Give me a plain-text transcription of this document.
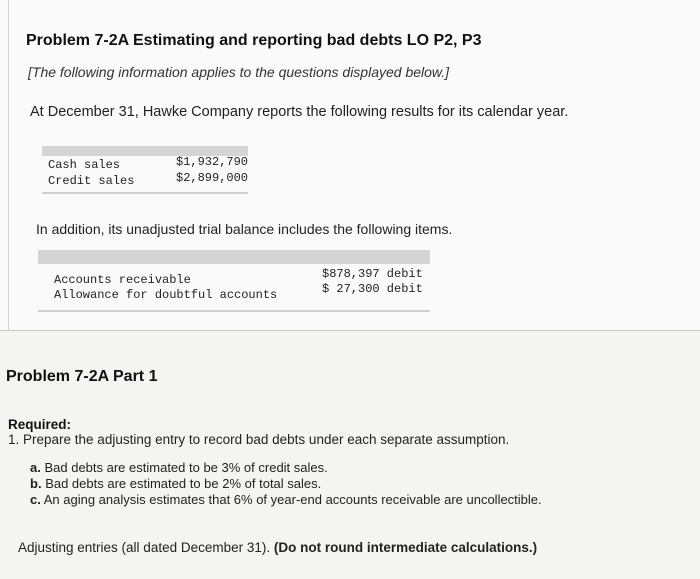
Problem 7-2A Estimating and reporting bad debts LO P2, P3
[The following information applies to the questions displayed below.]
At December 31, Hawke Company reports the following results for its calendar year.
Cash sales	$1,932,790
Credit sales	$2,899,000
In addition, its unadjusted trial balance includes the following items.
Accounts receivable	$878,397 debit
Allowance for doubtful accounts	$ 27,300 debit
Problem 7-2A Part 1
Required:
1. Prepare the adjusting entry to record bad debts under each separate assumption.
a. Bad debts are estimated to be 3% of credit sales.
b. Bad debts are estimated to be 2% of total sales.
c. An aging analysis estimates that 6% of year-end accounts receivable are uncollectible.
Adjusting entries (all dated December 31). (Do not round intermediate calculations.)
